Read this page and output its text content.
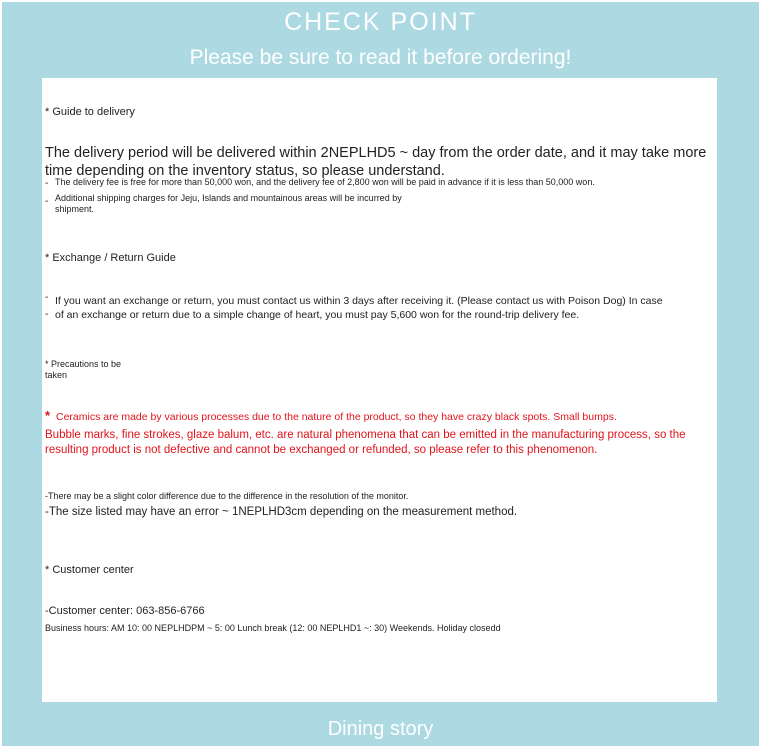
CHECK POINT
Please be sure to read it before ordering!
* Guide to delivery
The delivery period will be delivered within 2NEPLHD5 ~ day from the order date, and it may take more time depending on the inventory status, so please understand.
- The delivery fee is free for more than 50,000 won, and the delivery fee of 2,800 won will be paid in advance if it is less than 50,000 won.
- Additional shipping charges for Jeju, Islands and mountainous areas will be incurred by shipment.
* Exchange / Return Guide
- If you want an exchange or return, you must contact us within 3 days after receiving it. (Please contact us with Poison Dog) In case
- of an exchange or return due to a simple change of heart, you must pay 5,600 won for the round-trip delivery fee.
* Precautions to be taken
* Ceramics are made by various processes due to the nature of the product, so they have crazy black spots. Small bumps.
Bubble marks, fine strokes, glaze balum, etc. are natural phenomena that can be emitted in the manufacturing process, so the resulting product is not defective and cannot be exchanged or refunded, so please refer to this phenomenon.
-There may be a slight color difference due to the difference in the resolution of the monitor.
-The size listed may have an error ~ 1NEPLHD3cm depending on the measurement method.
* Customer center
-Customer center: 063-856-6766
Business hours: AM 10: 00 NEPLHDPM ~ 5: 00 Lunch break (12: 00 NEPLHD1 ~: 30) Weekends. Holiday closedd
Dining story
